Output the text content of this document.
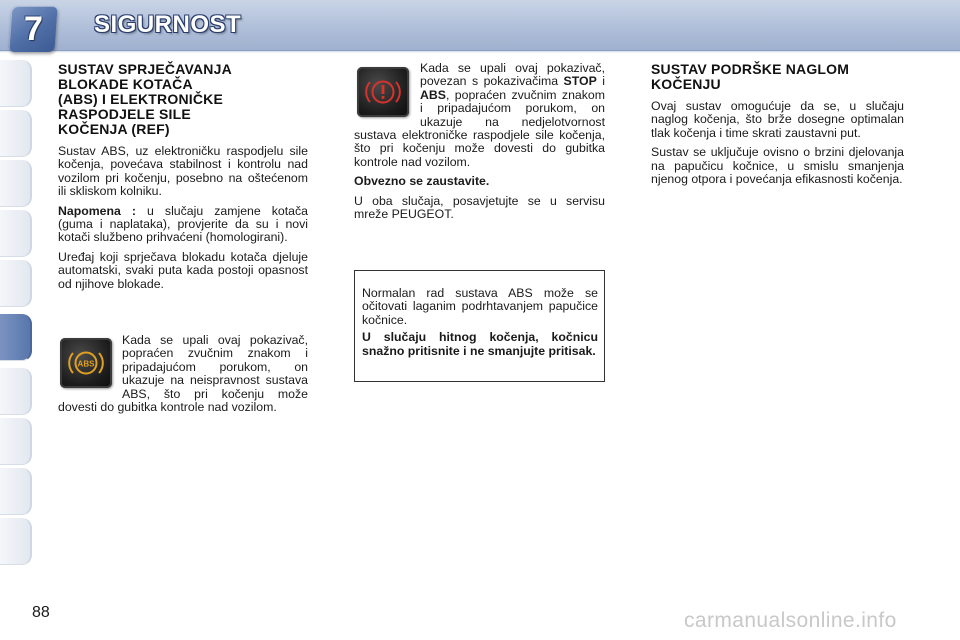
7 SIGURNOST
SUSTAV SPRJEČAVANJA
BLOKADE KOTAČA
(ABS) I ELEKTRONIČKE
RASPODJELE SILE
KOČENJA (REF)

Sustav ABS, uz elektroničku raspodjelu sile kočenja, povećava stabilnost i kontrolu nad vozilom pri kočenju, posebno na oštećenom ili skliskom kolniku.

Napomena : u slučaju zamjene kotača (guma i naplataka), provjerite da su i novi kotači službeno prihvaćeni (homologirani).

Uređaj koji sprječava blokadu kotača djeluje automatski, svaki puta kada postoji opasnost od njihove blokade.

Kada se upali ovaj pokazivač, popraćen zvučnim znakom i pripadajućom porukom, on ukazuje na neispravnost sustava ABS, što pri kočenju može dovesti do gubitka kontrole nad vozilom.

ABS

Kada se upali ovaj pokazivač, povezan s pokazivačima STOP i ABS, popraćen zvučnim znakom i pripadajućom porukom, on ukazuje na nedjelotvornost sustava elektroničke raspodjele sile kočenja, što pri kočenju može dovesti do gubitka kontrole nad vozilom.

Obvezno se zaustavite.

U oba slučaja, posavjetujte se u servisu mreže PEUGEOT.

Normalan rad sustava ABS može se očitovati laganim podrhtavanjem papučice kočnice.

U slučaju hitnog kočenja, kočnicu snažno pritisnite i ne smanjujte pritisak.

SUSTAV PODRŠKE NAGLOM
KOČENJU

Ovaj sustav omogućuje da se, u slučaju naglog kočenja, što brže dosegne optimalan tlak kočenja i time skrati zaustavni put.

Sustav se uključuje ovisno o brzini djelovanja na papučicu kočnice, u smislu smanjenja njenog otpora i povećanja efikasnosti kočenja.

88	carmanualsonline.info
